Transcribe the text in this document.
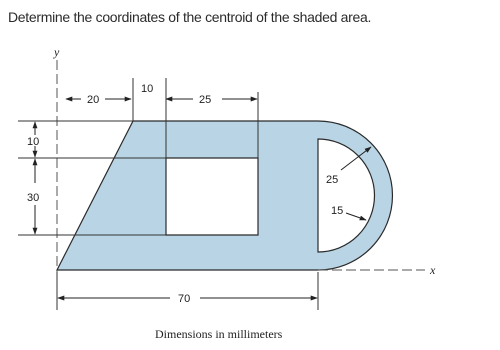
Determine the coordinates of the centroid of the shaded area.

y
x
20
10
25
10
30
70
25
15
Dimensions in millimeters
